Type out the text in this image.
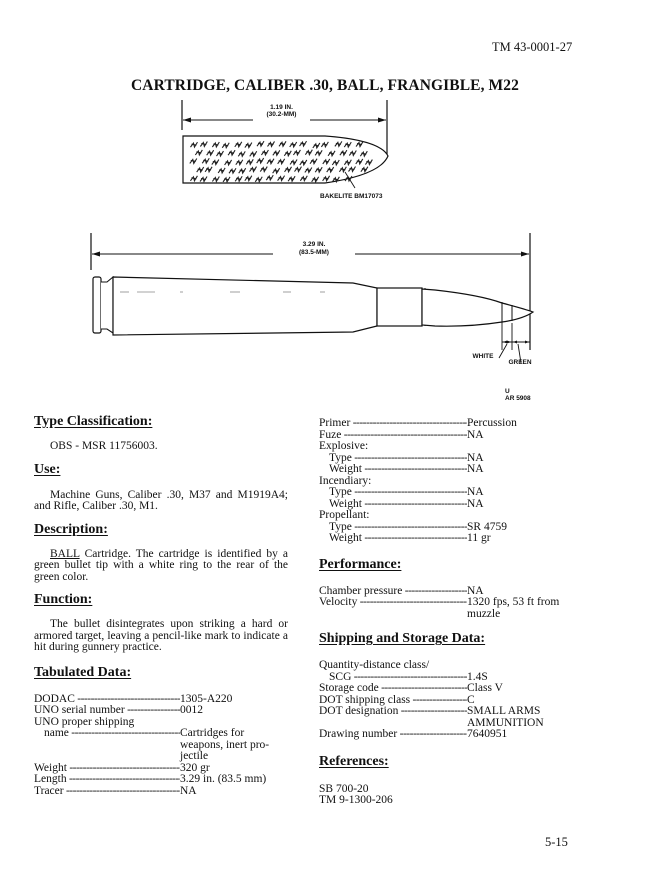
TM 43-0001-27
CARTRIDGE, CALIBER .30, BALL, FRANGIBLE, M22
1.19 IN.
(30.2-MM)
BAKELITE BM17073
3.29 IN.
(83.5-MM)
WHITE
GREEN
U
AR 5908
Type Classification:
OBS - MSR 11756003.
Use:
Machine Guns, Caliber .30, M37 and M1919A4; and Rifle, Caliber .30, M1.
Description:
BALL Cartridge. The cartridge is identified by a green bullet tip with a white ring to the rear of the green color.
Function:
The bullet disintegrates upon striking a hard or armored target, leaving a pencil-like mark to indicate a hit during gunnery practice.
Tabulated Data:
DODAC -----	1305-A220
UNO serial number -----	0012
UNO proper shipping
name -----	Cartridges for weapons, inert pro-jectile
Weight -----	320 gr
Length -----	3.29 in. (83.5 mm)
Tracer -----	NA
Primer -----	Percussion
Fuze -----	NA
Explosive:
Type -----	NA
Weight -----	NA
Incendiary:
Type -----	NA
Weight -----	NA
Propellant:
Type -----	SR 4759
Weight -----	11 gr
Performance:
Chamber pressure -----	NA
Velocity -----	1320 fps, 53 ft from muzzle
Shipping and Storage Data:
Quantity-distance class/
SCG -----	1.4S
Storage code -----	Class V
DOT shipping class -----	C
DOT designation -----	SMALL ARMS AMMUNITION
Drawing number -----	7640951
References:
SB 700-20
TM 9-1300-206
5-15
